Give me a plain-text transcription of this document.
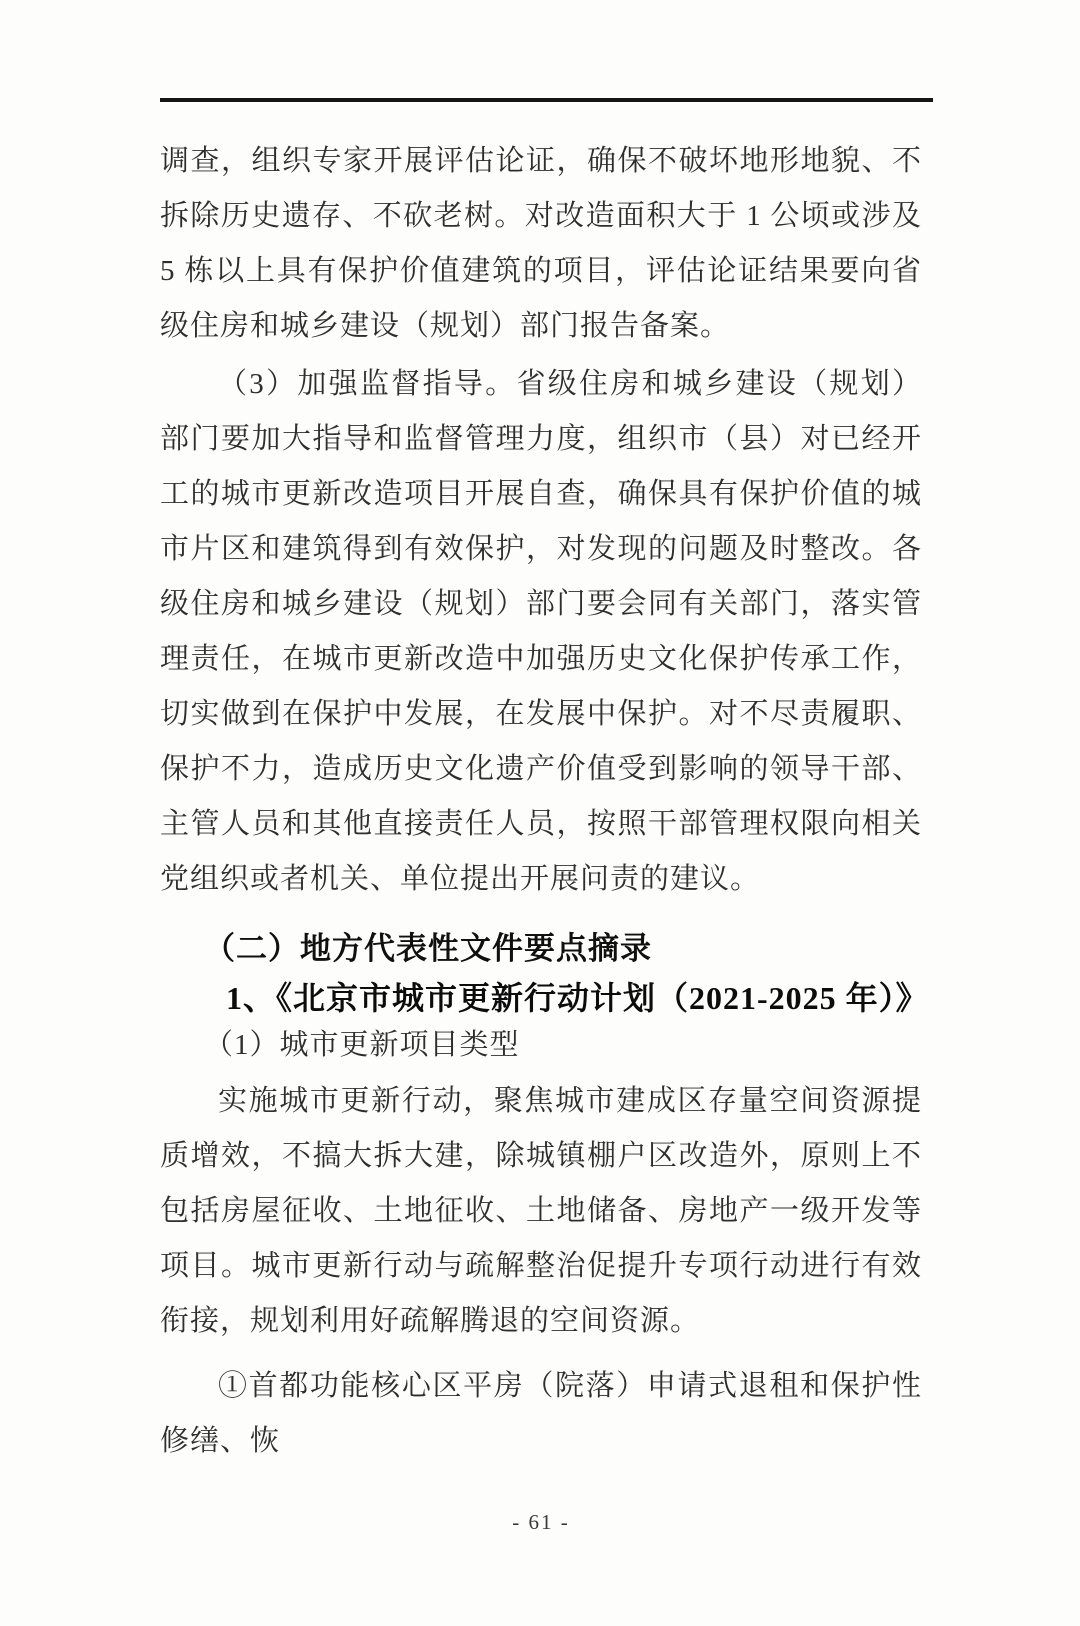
调查，组织专家开展评估论证，确保不破坏地形地貌、不拆除历史遗存、不砍老树。对改造面积大于 1 公顷或涉及 5 栋以上具有保护价值建筑的项目，评估论证结果要向省级住房和城乡建设（规划）部门报告备案。

（3）加强监督指导。省级住房和城乡建设（规划）部门要加大指导和监督管理力度，组织市（县）对已经开工的城市更新改造项目开展自查，确保具有保护价值的城市片区和建筑得到有效保护，对发现的问题及时整改。各级住房和城乡建设（规划）部门要会同有关部门，落实管理责任，在城市更新改造中加强历史文化保护传承工作，切实做到在保护中发展，在发展中保护。对不尽责履职、保护不力，造成历史文化遗产价值受到影响的领导干部、主管人员和其他直接责任人员，按照干部管理权限向相关党组织或者机关、单位提出开展问责的建议。

（二）地方代表性文件要点摘录
1、《北京市城市更新行动计划（2021-2025 年）》

（1）城市更新项目类型

实施城市更新行动，聚焦城市建成区存量空间资源提质增效，不搞大拆大建，除城镇棚户区改造外，原则上不包括房屋征收、土地征收、土地储备、房地产一级开发等项目。城市更新行动与疏解整治促提升专项行动进行有效衔接，规划利用好疏解腾退的空间资源。

①首都功能核心区平房（院落）申请式退租和保护性修缮、恢

- 61 -
